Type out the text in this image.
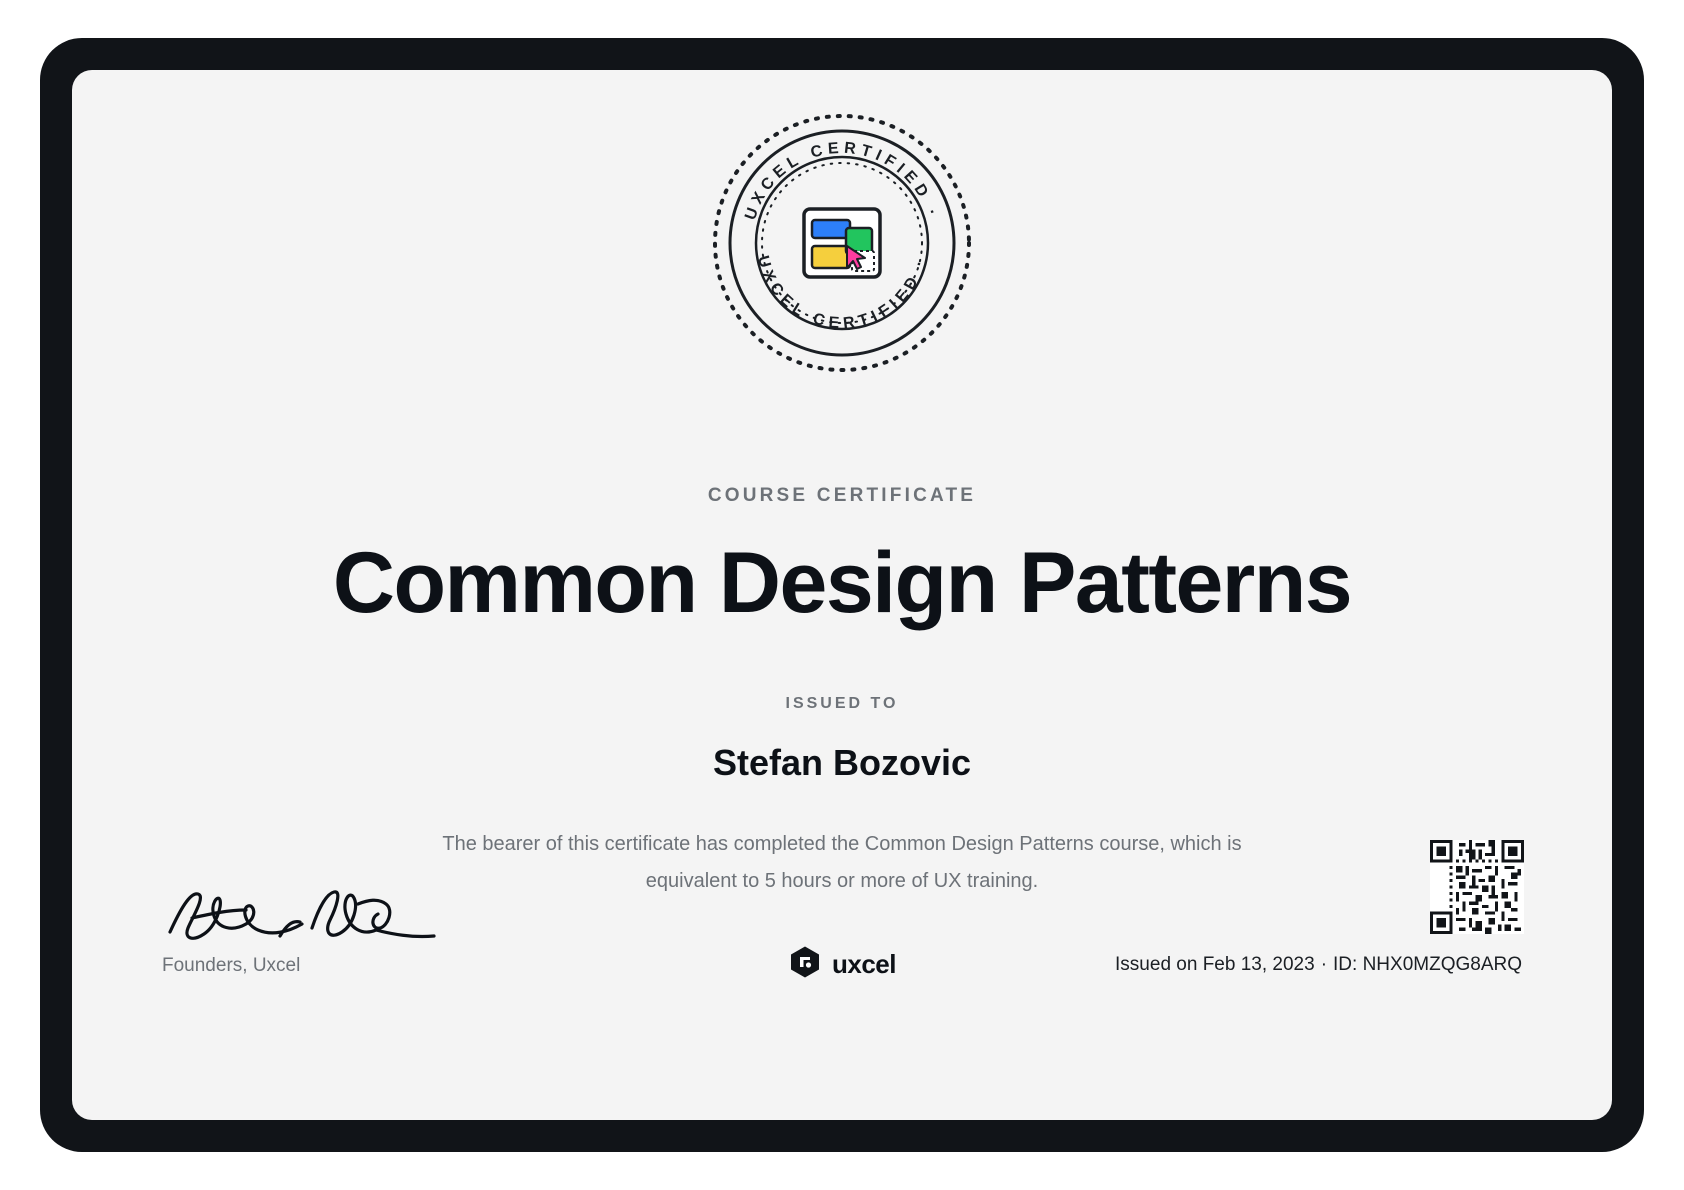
UXCEL CERTIFIED ·
UXCEL CERTIFIED ·
COURSE CERTIFICATE
Common Design Patterns
ISSUED TO
Stefan Bozovic
The bearer of this certificate has completed the Common Design Patterns course, which is equivalent to 5 hours or more of UX training.
Founders, Uxcel	uxcel	Issued on Feb 13, 2023 · ID: NHX0MZQG8ARQ
